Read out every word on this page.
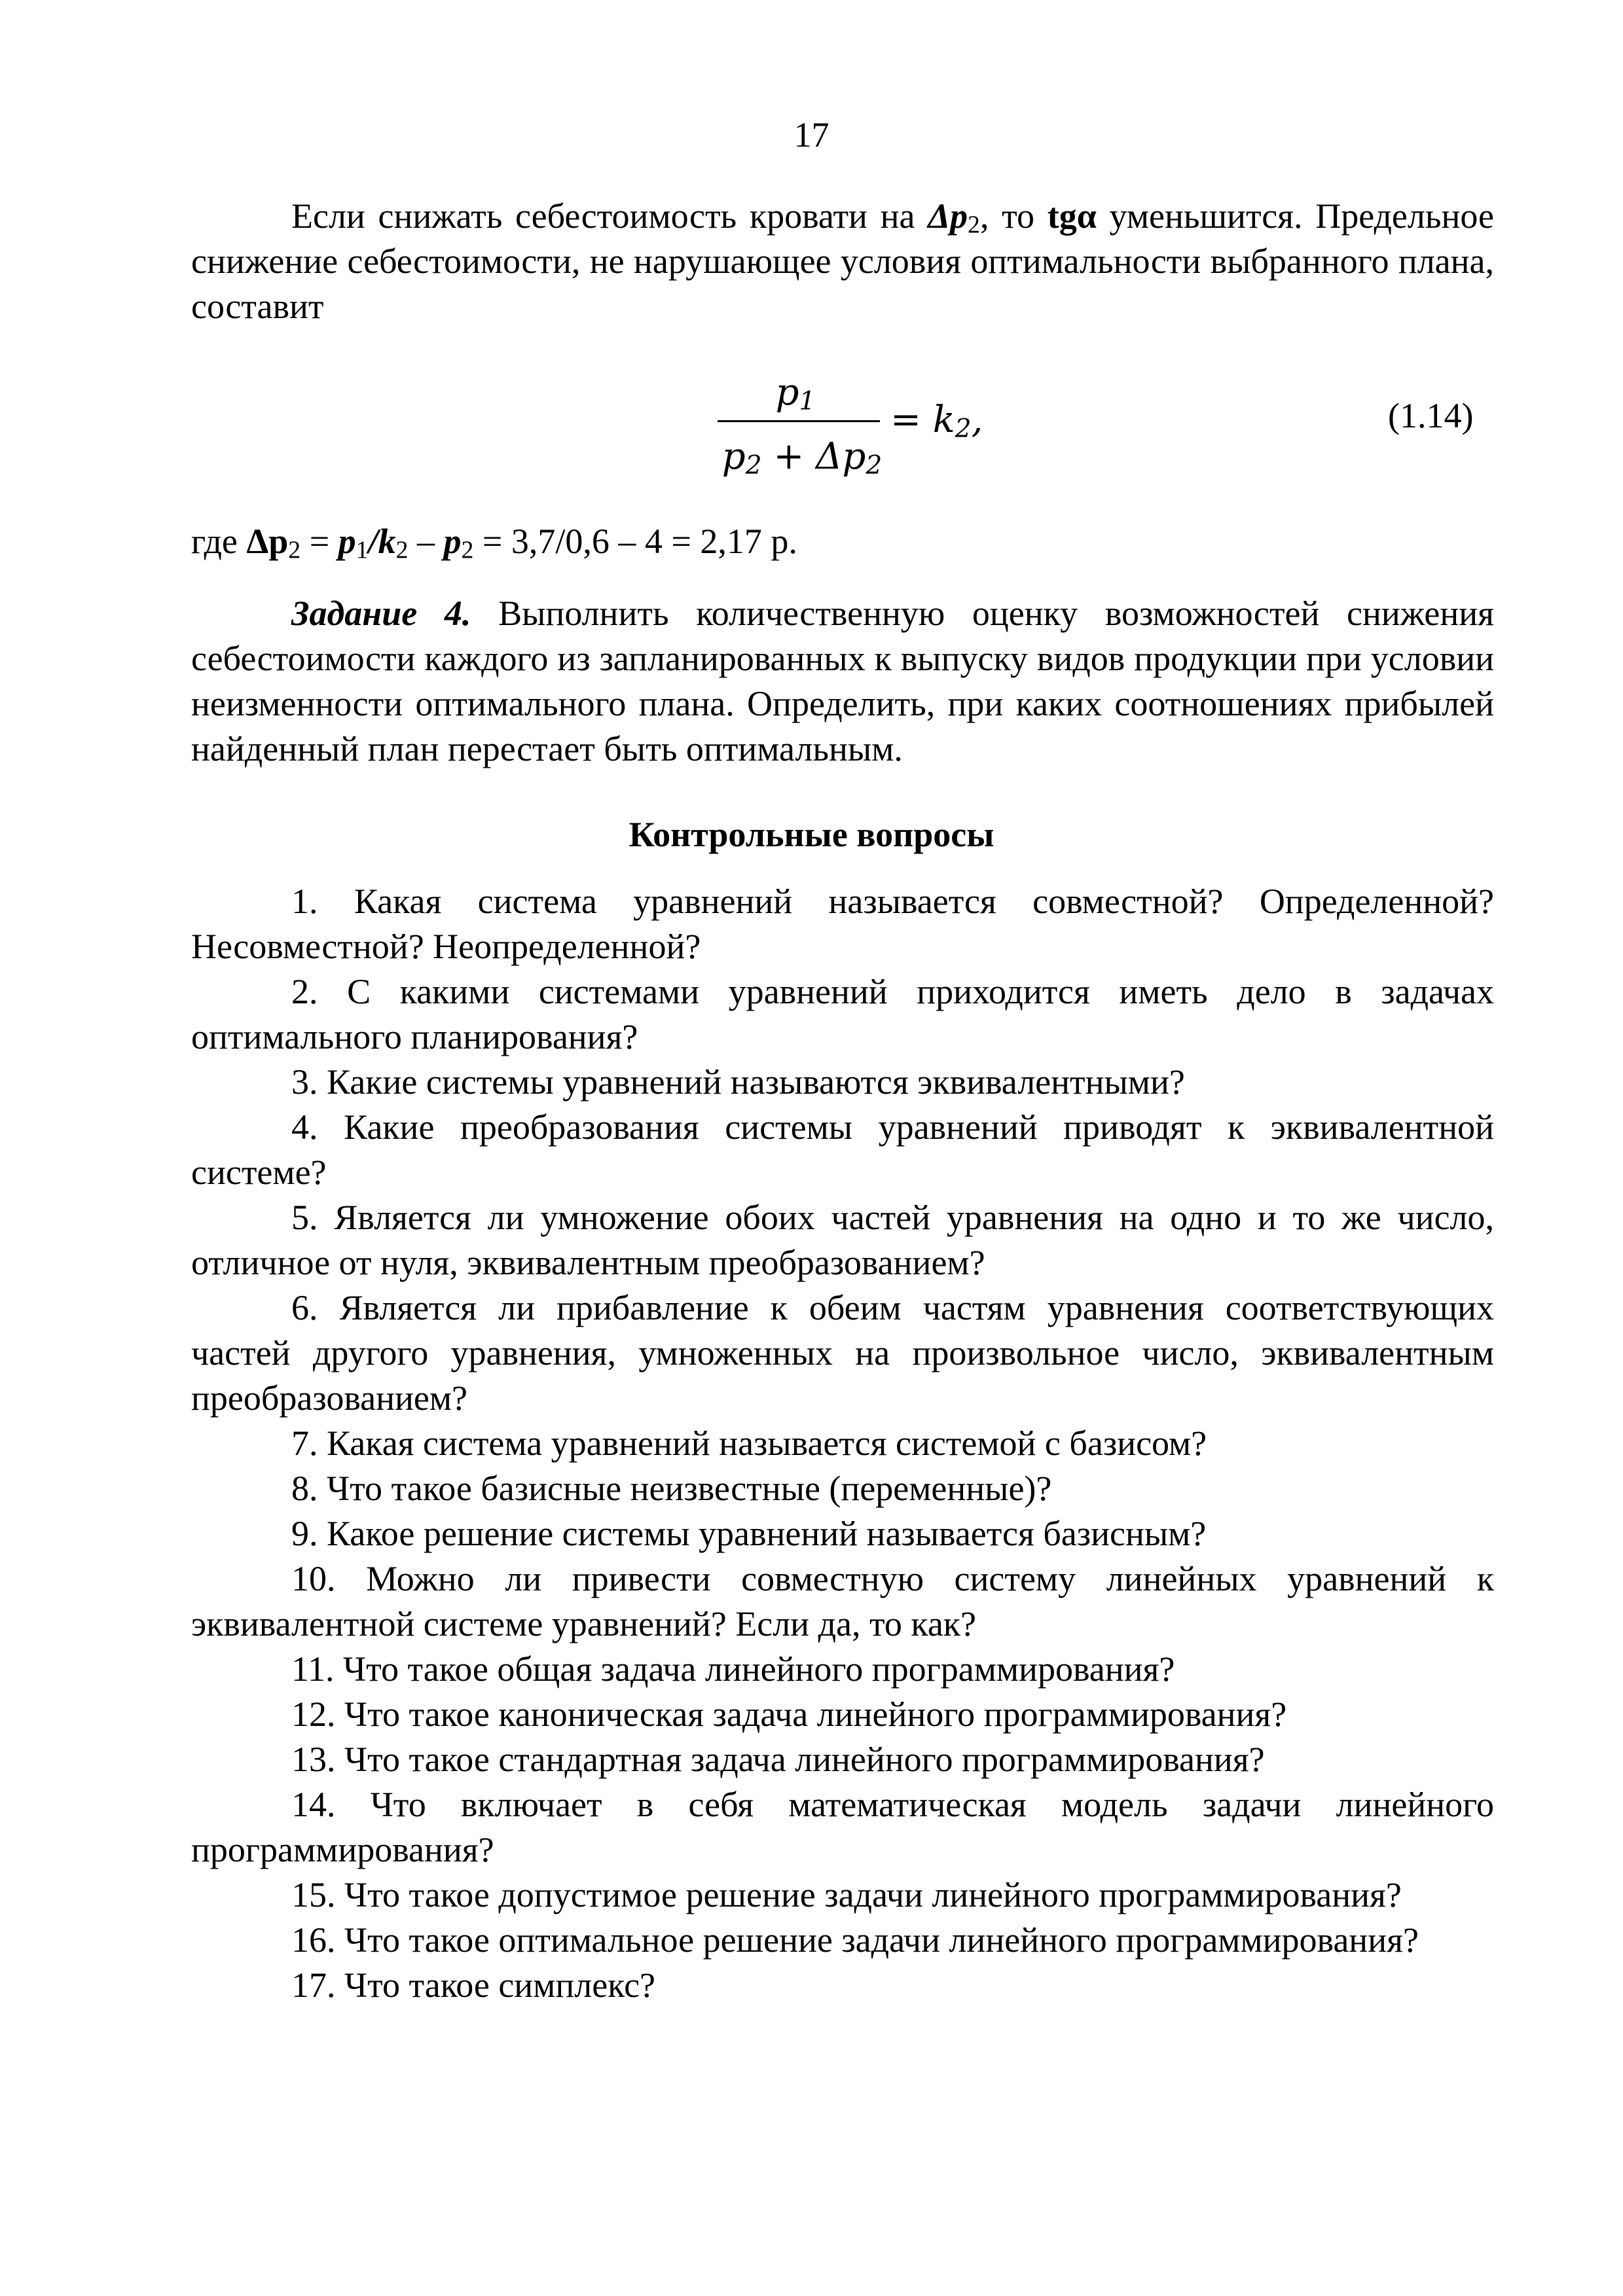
17
Если снижать себестоимость кровати на $\Delta p_2$, то tgα уменьшится. Предельное снижение себестоимости, не нарушающее условия оптимальности выбранного плана, составит
$p_1$
$p_2 + \Delta p_2$
= $k_2$,	(1.14)
где $\Delta p_2 = p_1/k_2 - p_2 = 3,7/0,6 - 4 = 2,17$ р.
Задание 4. Выполнить количественную оценку возможностей снижения себестоимости каждого из запланированных к выпуску видов продукции при условии неизменности оптимального плана. Определить, при каких соотношениях прибылей найденный план перестает быть оптимальным.
Контрольные вопросы

1. Какая система уравнений называется совместной? Определенной? Несовместной? Неопределенной?

2. С какими системами уравнений приходится иметь дело в задачах оптимального планирования?

3. Какие системы уравнений называются эквивалентными?

4. Какие преобразования системы уравнений приводят к эквивалентной системе?

5. Является ли умножение обоих частей уравнения на одно и то же число, отличное от нуля, эквивалентным преобразованием?

6. Является ли прибавление к обеим частям уравнения соответствующих частей другого уравнения, умноженных на произвольное число, эквивалентным преобразованием?

7. Какая система уравнений называется системой с базисом?

8. Что такое базисные неизвестные (переменные)?

9. Какое решение системы уравнений называется базисным?

10. Можно ли привести совместную систему линейных уравнений к эквивалентной системе уравнений? Если да, то как?

11. Что такое общая задача линейного программирования?

12. Что такое каноническая задача линейного программирования?

13. Что такое стандартная задача линейного программирования?

14. Что включает в себя математическая модель задачи линейного программирования?

15. Что такое допустимое решение задачи линейного программирования?

16. Что такое оптимальное решение задачи линейного программирования?

17. Что такое симплекс?
